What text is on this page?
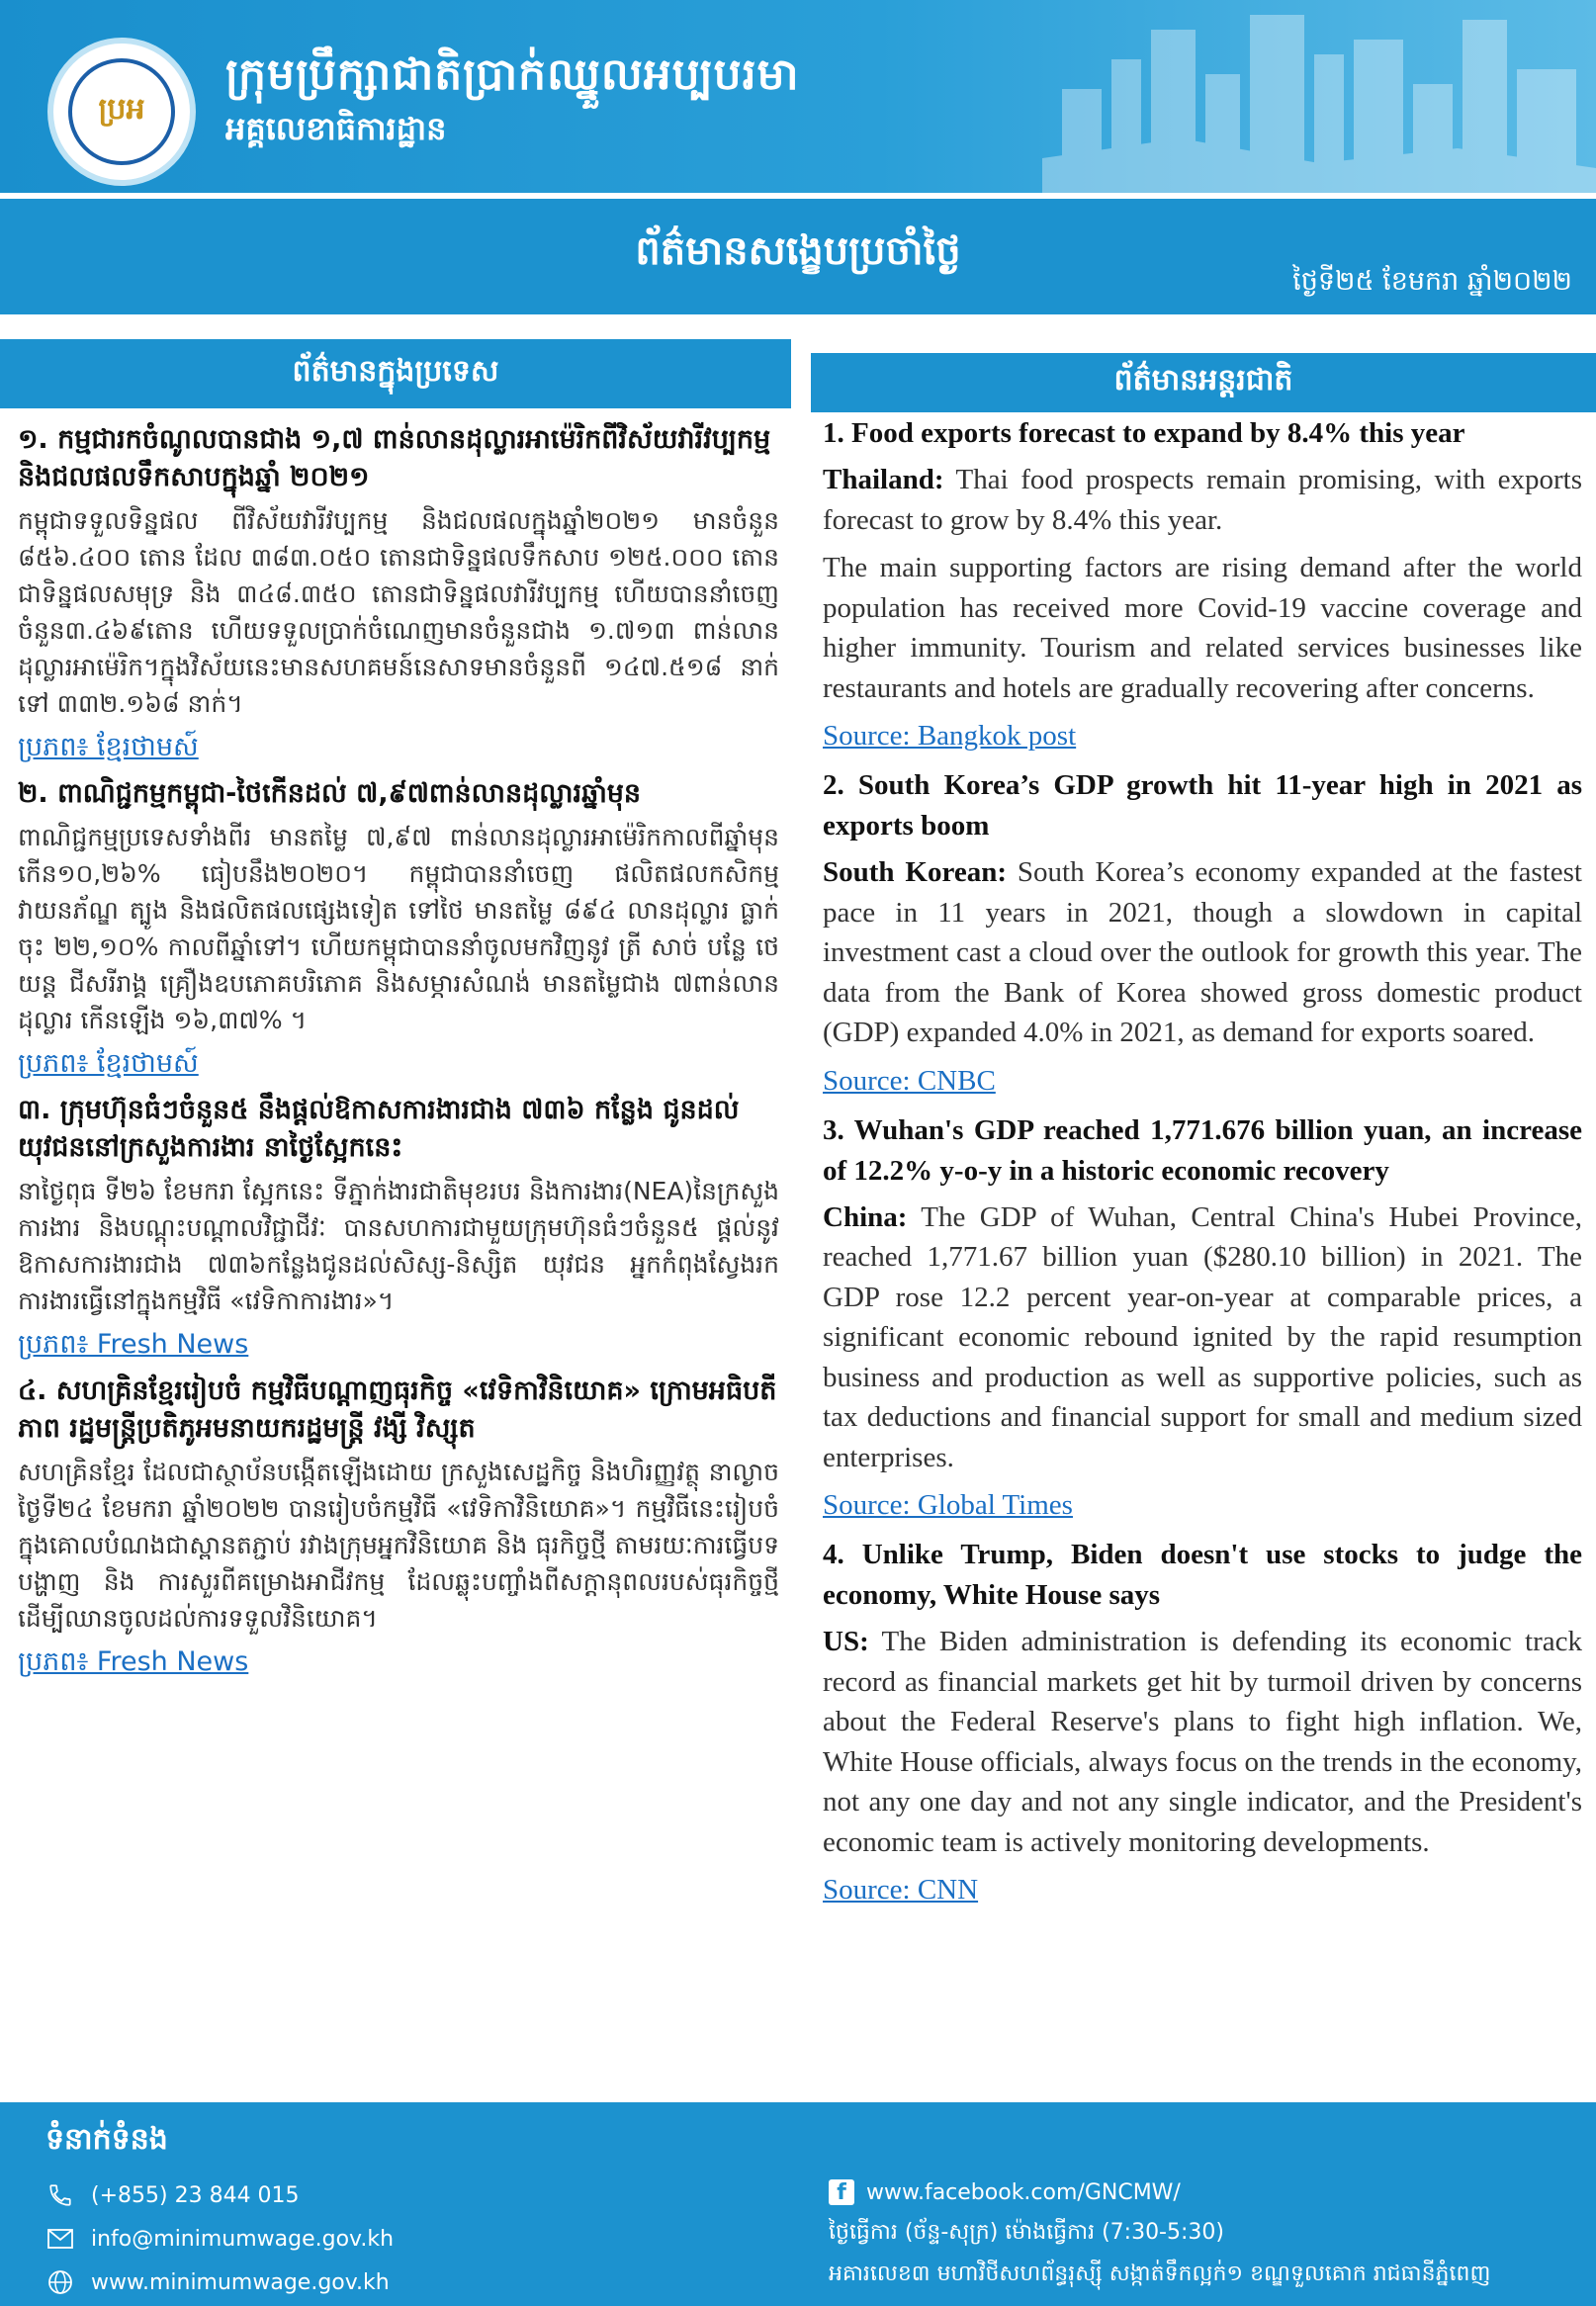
ប្រអ
ក្រុមប្រឹក្សាជាតិប្រាក់ឈ្នួលអប្បបរមា
អគ្គលេខាធិការដ្ឋាន
ព័ត៌មានសង្ខេបប្រចាំថ្ងៃ
ថ្ងៃទី២៥ ខែមករា ឆ្នាំ២០២២
ព័ត៌មានក្នុងប្រទេស	ព័ត៌មានអន្តរជាតិ
១. កម្មជារកចំណូលបានជាង ១,៧ ពាន់លានដុល្លារអាម៉េរិកពីវិស័យវារីវប្បកម្ម និងជលផលទឹកសាបក្នុងឆ្នាំ ២០២១
កម្ពុជាទទួលទិន្នផល ពីវិស័យវារីវប្បកម្ម និងជលផលក្នុងឆ្នាំ២០២១ មានចំនួន ៨៥៦.៤០០ តោន ដែល ៣៨៣.០៥០ តោនជាទិន្នផលទឹកសាប ១២៥.០០០ តោនជាទិន្នផលសមុទ្រ និង ៣៤៨.៣៥០ តោនជាទិន្នផលវារីវប្បកម្ម ហើយបាននាំចេញចំនួន៣.៤៦៩តោន ហើយទទួលប្រាក់ចំណេញមានចំនួនជាង ១.៧១៣ ពាន់លានដុល្លារអាម៉េរិក។ក្នុងវិស័យនេះមានសហគមន៍នេសាទមានចំនួនពី ១៤៧.៥១៨ នាក់ ទៅ ៣៣២.១៦៨ នាក់។
ប្រភព៖ ខ្មែរថាមស៍
២. ពាណិជ្ជកម្មកម្ពុជា-ថៃកើនដល់ ៧,៩៧ពាន់លានដុល្លារឆ្នាំមុន
ពាណិជ្ជកម្មប្រទេសទាំងពីរ មានតម្លៃ ៧,៩៧ ពាន់លានដុល្លារអាម៉េរិកកាលពីឆ្នាំមុន កើន១០,២៦% ធៀបនឹង២០២០។ កម្ពុជាបាននាំចេញ ផលិតផលកសិកម្ម វាយនភ័ណ្ឌ ត្បូង និងផលិតផលផ្សេងទៀត ទៅថៃ មានតម្លៃ ៨៩៤ លានដុល្លារ ធ្លាក់ចុះ ២២,១០% កាលពីឆ្នាំទៅ។ ហើយកម្ពុជាបាននាំចូលមកវិញនូវ ត្រី សាច់ បន្លែ ថេយន្ត ជីសរីរាង្គ គ្រឿងឧបភោគបរិភោគ និងសម្ភារសំណង់ មានតម្លៃជាង ៧ពាន់លានដុល្លារ កើនឡើង ១៦,៣៧% ។
ប្រភព៖ ខ្មែរថាមស៍
៣. ក្រុមហ៊ុនធំៗចំនួន៥ នឹងផ្ដល់ឱកាសការងារជាង ៧៣៦ កន្លែង ជូនដល់យុវជននៅក្រសួងការងារ នាថ្ងៃស្អែកនេះ
នាថ្ងៃពុធ ទី២៦ ខែមករា ស្អែកនេះ ទីភ្នាក់ងារជាតិមុខរបរ និងការងារ(NEA)នៃក្រសួងការងារ និងបណ្ដុះបណ្ដាលវិជ្ជាជីវៈ បានសហការជាមួយក្រុមហ៊ុនធំៗចំនួន៥ ផ្ដល់នូវឱកាសការងារជាង ៧៣៦កន្លែងជូនដល់សិស្ស-និស្សិត យុវជន អ្នកកំពុងស្វែងរកការងារធ្វើនៅក្នុងកម្មវិធី «វេទិកាការងារ»។
ប្រភព៖ Fresh News
៤. សហគ្រិនខ្មែររៀបចំ កម្មវិធីបណ្ដាញធុរកិច្ច «វេទិកាវិនិយោគ» ក្រោមអធិបតីភាព រដ្ឋមន្ត្រីប្រតិភូអមនាយករដ្ឋមន្ត្រី វង្សី វិស្សុត
សហគ្រិនខ្មែរ ដែលជាស្ថាប័នបង្កើតឡើងដោយ ក្រសួងសេដ្ឋកិច្ច និងហិរញ្ញវត្ថុ នាល្ងាចថ្ងៃទី២៤ ខែមករា ឆ្នាំ២០២២ បានរៀបចំកម្មវិធី «វេទិកាវិនិយោគ»។ កម្មវិធីនេះរៀបចំក្នុងគោលបំណងជាស្ពានតភ្ជាប់ រវាងក្រុមអ្នកវិនិយោគ និង ធុរកិច្ចថ្មី តាមរយៈការធ្វើបទបង្ហាញ និង ការសួរពីគម្រោងអាជីវកម្ម ដែលឆ្លុះបញ្ចាំងពីសក្ដានុពលរបស់ធុរកិច្ចថ្មីដើម្បីឈានចូលដល់ការទទួលវិនិយោគ។
ប្រភព៖ Fresh News
1. Food exports forecast to expand by 8.4% this year
Thailand: Thai food prospects remain promising, with exports forecast to grow by 8.4% this year.
The main supporting factors are rising demand after the world population has received more Covid-19 vaccine coverage and higher immunity. Tourism and related services businesses like restaurants and hotels are gradually recovering after concerns.
Source: Bangkok post
2. South Korea’s GDP growth hit 11-year high in 2021 as exports boom
South Korean: South Korea’s economy expanded at the fastest pace in 11 years in 2021, though a slowdown in capital investment cast a cloud over the outlook for growth this year. The data from the Bank of Korea showed gross domestic product (GDP) expanded 4.0% in 2021, as demand for exports soared.
Source: CNBC
3. Wuhan's GDP reached 1,771.676 billion yuan, an increase of 12.2% y-o-y in a historic economic recovery
China: The GDP of Wuhan, Central China's Hubei Province, reached 1,771.67 billion yuan ($280.10 billion) in 2021. The GDP rose 12.2 percent year-on-year at comparable prices, a significant economic rebound ignited by the rapid resumption business and production as well as supportive policies, such as tax deductions and financial support for small and medium sized enterprises.
Source: Global Times
4. Unlike Trump, Biden doesn't use stocks to judge the economy, White House says
US: The Biden administration is defending its economic track record as financial markets get hit by turmoil driven by concerns about the Federal Reserve's plans to fight high inflation. We, White House officials, always focus on the trends in the economy, not any one day and not any single indicator, and the President's economic team is actively monitoring developments.
Source: CNN
ទំនាក់ទំនង
(+855) 23 844 015
info@minimumwage.gov.kh
www.minimumwage.gov.kh
f www.facebook.com/GNCMW/
ថ្ងៃធ្វើការ (ច័ន្ទ-សុក្រ) ម៉ោងធ្វើការ (7:30-5:30)
អគារលេខ៣ មហាវិថីសហព័ន្ធរុស្ស៊ី សង្កាត់ទឹកល្អក់១ ខណ្ឌទួលគោក រាជធានីភ្នំពេញ
